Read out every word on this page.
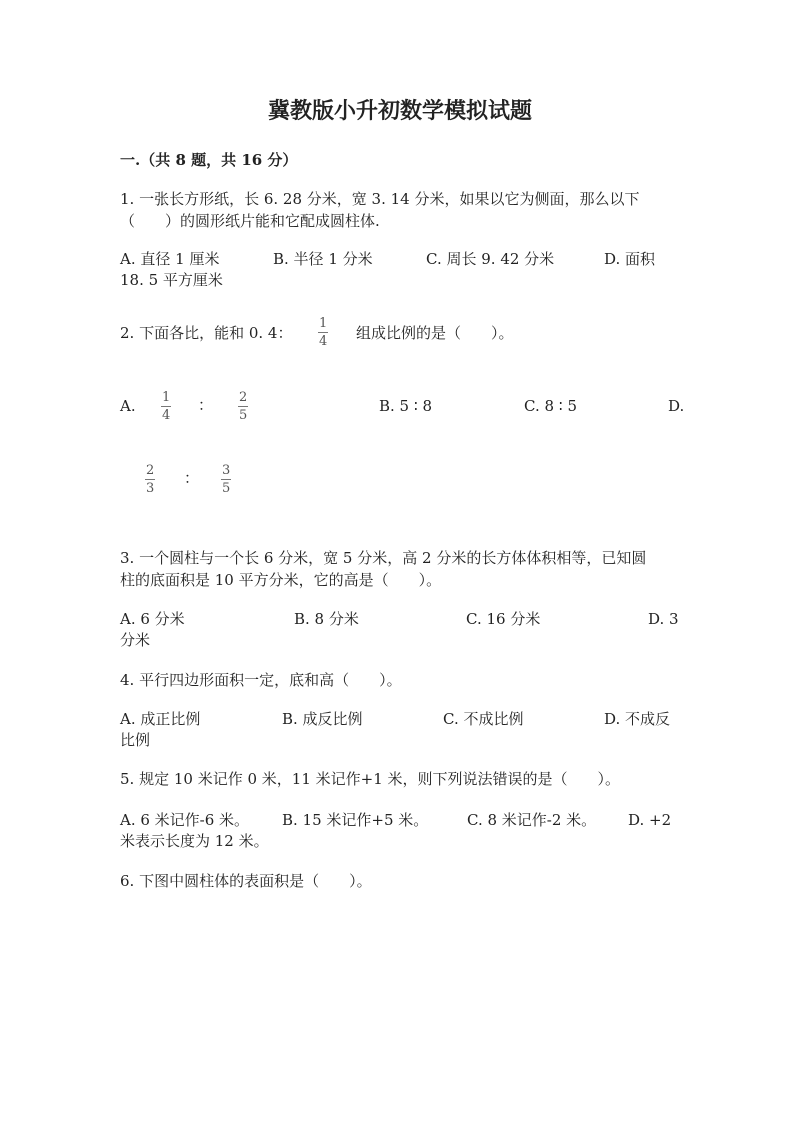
冀教版小升初数学模拟试题
一.（共 8 题，共 16 分）
1. 一张长方形纸，长 6. 28 分米，宽 3. 14 分米，如果以它为侧面，那么以下
（　　）的圆形纸片能和它配成圆柱体.
A. 直径 1 厘米	B. 半径 1 分米	C. 周长 9. 42 分米	D. 面积
18. 5 平方厘米
2. 下面各比，能和 0. 4： $\frac{1}{4}$ 组成比例的是（　　）。
A. $\frac{1}{4}$ ： $\frac{2}{5}$	B. 5 ∶ 8	C. 8 ∶ 5	D.
$\frac{2}{3}$ ： $\frac{3}{5}$
3. 一个圆柱与一个长 6 分米，宽 5 分米，高 2 分米的长方体体积相等，已知圆
柱的底面积是 10 平方分米，它的高是（　　）。
A. 6 分米	B. 8 分米	C. 16 分米	D. 3
分米
4. 平行四边形面积一定，底和高（　　）。
A. 成正比例	B. 成反比例	C. 不成比例	D. 不成反
比例
5. 规定 10 米记作 0 米，11 米记作+1 米，则下列说法错误的是（　　）。
A. 6 米记作-6 米。 B. 15 米记作+5 米。	C. 8 米记作-2 米。 D. +2
米表示长度为 12 米。
6. 下图中圆柱体的表面积是（　　）。
